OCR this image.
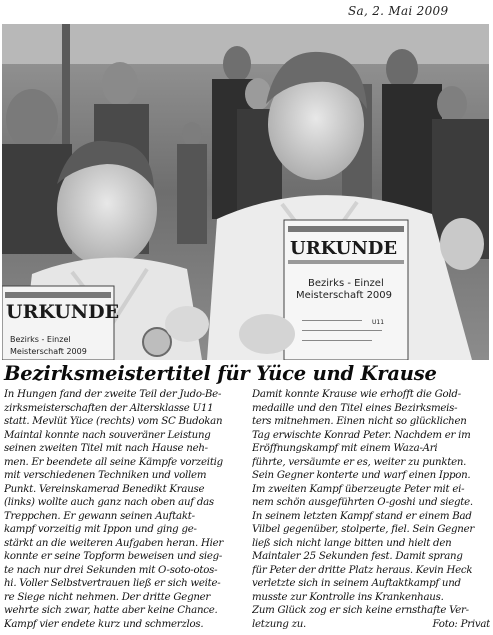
Sa, 2. Mai 2009
URKUNDE
Bezirks - Einzel
Meisterschaft 2009
URKUNDE
Bezirks - Einzel
Meisterschaft 2009
U11
Bezirksmeistertitel für Yüce und Krause
In Hungen fand der zweite Teil der Judo-Be-
zirksmeisterschaften der Altersklasse U11
statt. Mevlüt Yüce (rechts) vom SC Budokan
Maintal konnte nach souveräner Leistung
seinen zweiten Titel mit nach Hause neh-
men. Er beendete all seine Kämpfe vorzeitig
mit verschiedenen Techniken und vollem
Punkt. Vereinskamerad Benedikt Krause
(links) wollte auch ganz nach oben auf das
Treppchen. Er gewann seinen Auftakt-
kampf vorzeitig mit Ippon und ging ge-
stärkt an die weiteren Aufgaben heran. Hier
konnte er seine Topform beweisen und sieg-
te nach nur drei Sekunden mit O-soto-otos-
hi. Voller Selbstvertrauen ließ er sich weite-
re Siege nicht nehmen. Der dritte Gegner
wehrte sich zwar, hatte aber keine Chance.
Kampf vier endete kurz und schmerzlos.
Damit konnte Krause wie erhofft die Gold-
medaille und den Titel eines Bezirksmeis-
ters mitnehmen. Einen nicht so glücklichen
Tag erwischte Konrad Peter. Nachdem er im
Eröffnungskampf mit einem Waza-Ari
führte, versäumte er es, weiter zu punkten.
Sein Gegner konterte und warf einen Ippon.
Im zweiten Kampf überzeugte Peter mit ei-
nem schön ausgeführten O-goshi und siegte.
In seinem letzten Kampf stand er einem Bad
Vilbel gegenüber, stolperte, fiel. Sein Gegner
ließ sich nicht lange bitten und hielt den
Maintaler 25 Sekunden fest. Damit sprang
für Peter der dritte Platz heraus. Kevin Heck
verletzte sich in seinem Auftaktkampf und
musste zur Kontrolle ins Krankenhaus.
Zum Glück zog er sich keine ernsthafte Ver-
letzung zu.	Foto: Privat
